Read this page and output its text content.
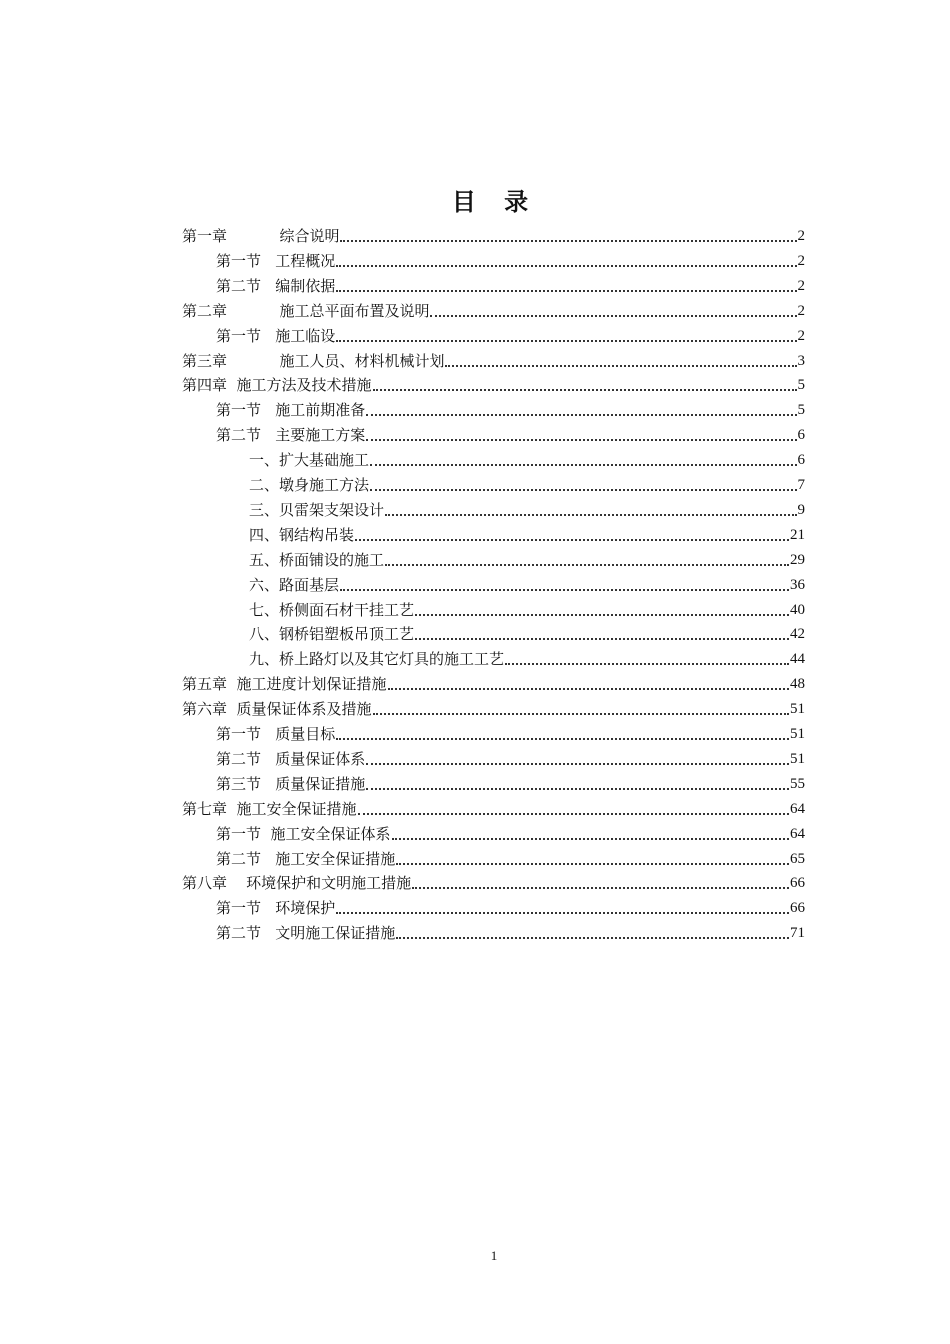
目 录
第一章           综合说明	2
第一节   工程概况	2
第二节   编制依据	2
第二章           施工总平面布置及说明	2
第一节   施工临设	2
第三章           施工人员、材料机械计划	3
第四章  施工方法及技术措施	5
第一节   施工前期准备	5
第二节   主要施工方案	6
一、扩大基础施工	6
二、墩身施工方法	7
三、贝雷架支架设计	9
四、钢结构吊装	21
五、桥面铺设的施工	29
六、路面基层	36
七、桥侧面石材干挂工艺	40
八、钢桥铝塑板吊顶工艺	42
九、桥上路灯以及其它灯具的施工工艺	44
第五章  施工进度计划保证措施	48
第六章  质量保证体系及措施	51
第一节   质量目标	51
第二节   质量保证体系	51
第三节   质量保证措施	55
第七章  施工安全保证措施	64
第一节  施工安全保证体系	64
第二节   施工安全保证措施	65
第八章    环境保护和文明施工措施	66
第一节   环境保护	66
第二节   文明施工保证措施	71
1
